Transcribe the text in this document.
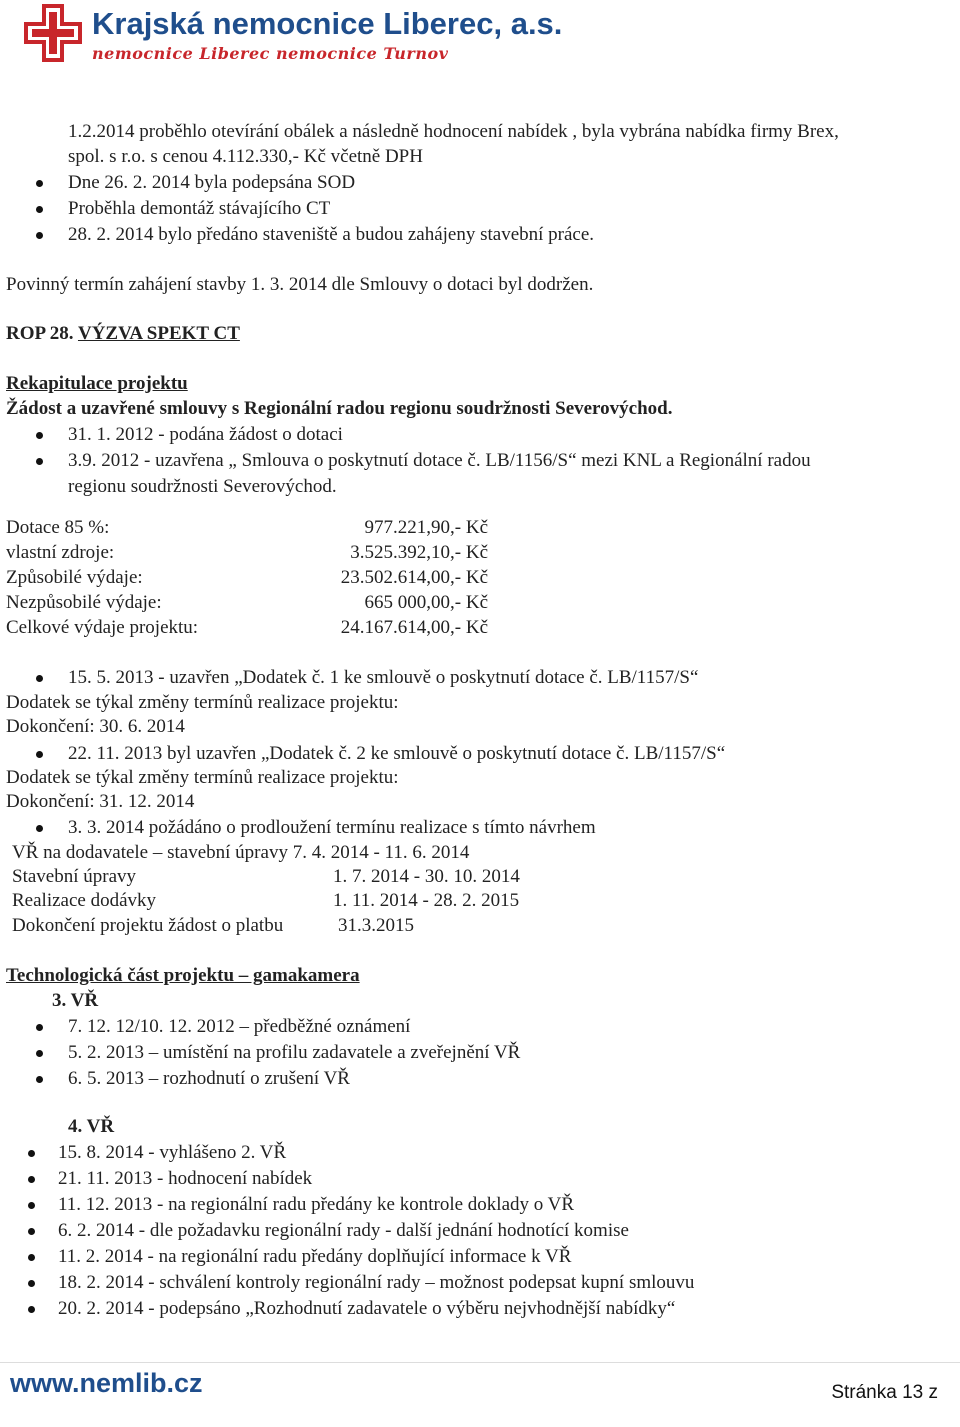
Krajská nemocnice Liberec, a.s.
nemocnice Liberec nemocnice Turnov
1.2.2014 proběhlo otevírání obálek a následně hodnocení nabídek , byla vybrána nabídka firmy Brex,
spol. s r.o. s cenou 4.112.330,- Kč včetně DPH
Dne 26. 2. 2014 byla podepsána SOD
Proběhla demontáž stávajícího CT
28. 2. 2014 bylo předáno staveniště a budou zahájeny stavební práce.
Povinný termín zahájení stavby 1. 3. 2014 dle Smlouvy o dotaci byl dodržen.
ROP 28. VÝZVA SPEKT CT
Rekapitulace projektu
Žádost a uzavřené smlouvy s Regionální radou regionu soudržnosti Severovýchod.
31. 1. 2012 - podána žádost o dotaci
3.9. 2012 - uzavřena „ Smlouva o poskytnutí dotace č. LB/1156/S“ mezi KNL a Regionální radou
regionu soudržnosti Severovýchod.
Dotace 85 %:	977.221,90,- Kč
vlastní zdroje:	3.525.392,10,- Kč
Způsobilé výdaje:	23.502.614,00,- Kč
Nezpůsobilé výdaje:	665 000,00,- Kč
Celkové výdaje projektu:	24.167.614,00,- Kč
15. 5. 2013 - uzavřen „Dodatek č. 1 ke smlouvě o poskytnutí dotace č. LB/1157/S“
Dodatek se týkal změny termínů realizace projektu:
Dokončení: 30. 6. 2014
22. 11. 2013 byl uzavřen „Dodatek č. 2 ke smlouvě o poskytnutí dotace č. LB/1157/S“
Dodatek se týkal změny termínů realizace projektu:
Dokončení: 31. 12. 2014
3. 3. 2014 požádáno o prodloužení termínu realizace s tímto návrhem
VŘ na dodavatele – stavební úpravy 7. 4. 2014 - 11. 6. 2014
Stavební úpravy	1. 7. 2014 - 30. 10. 2014
Realizace dodávky	1. 11. 2014 - 28. 2. 2015
Dokončení projektu žádost o platbu	31.3.2015
Technologická část projektu – gamakamera
3. VŘ
7. 12. 12/10. 12. 2012 – předběžné oznámení
5. 2. 2013 – umístění na profilu zadavatele a zveřejnění VŘ
6. 5. 2013 – rozhodnutí o zrušení VŘ
4. VŘ
15. 8. 2014 - vyhlášeno 2. VŘ
21. 11. 2013 - hodnocení nabídek
11. 12. 2013 - na regionální radu předány ke kontrole doklady o VŘ
6. 2. 2014 - dle požadavku regionální rady - další jednání hodnotící komise
11. 2. 2014 - na regionální radu předány doplňující informace k VŘ
18. 2. 2014 - schválení kontroly regionální rady – možnost podepsat kupní smlouvu
20. 2. 2014 - podepsáno „Rozhodnutí zadavatele o výběru nejvhodnější nabídky“
www.nemlib.cz	Stránka 13 z
